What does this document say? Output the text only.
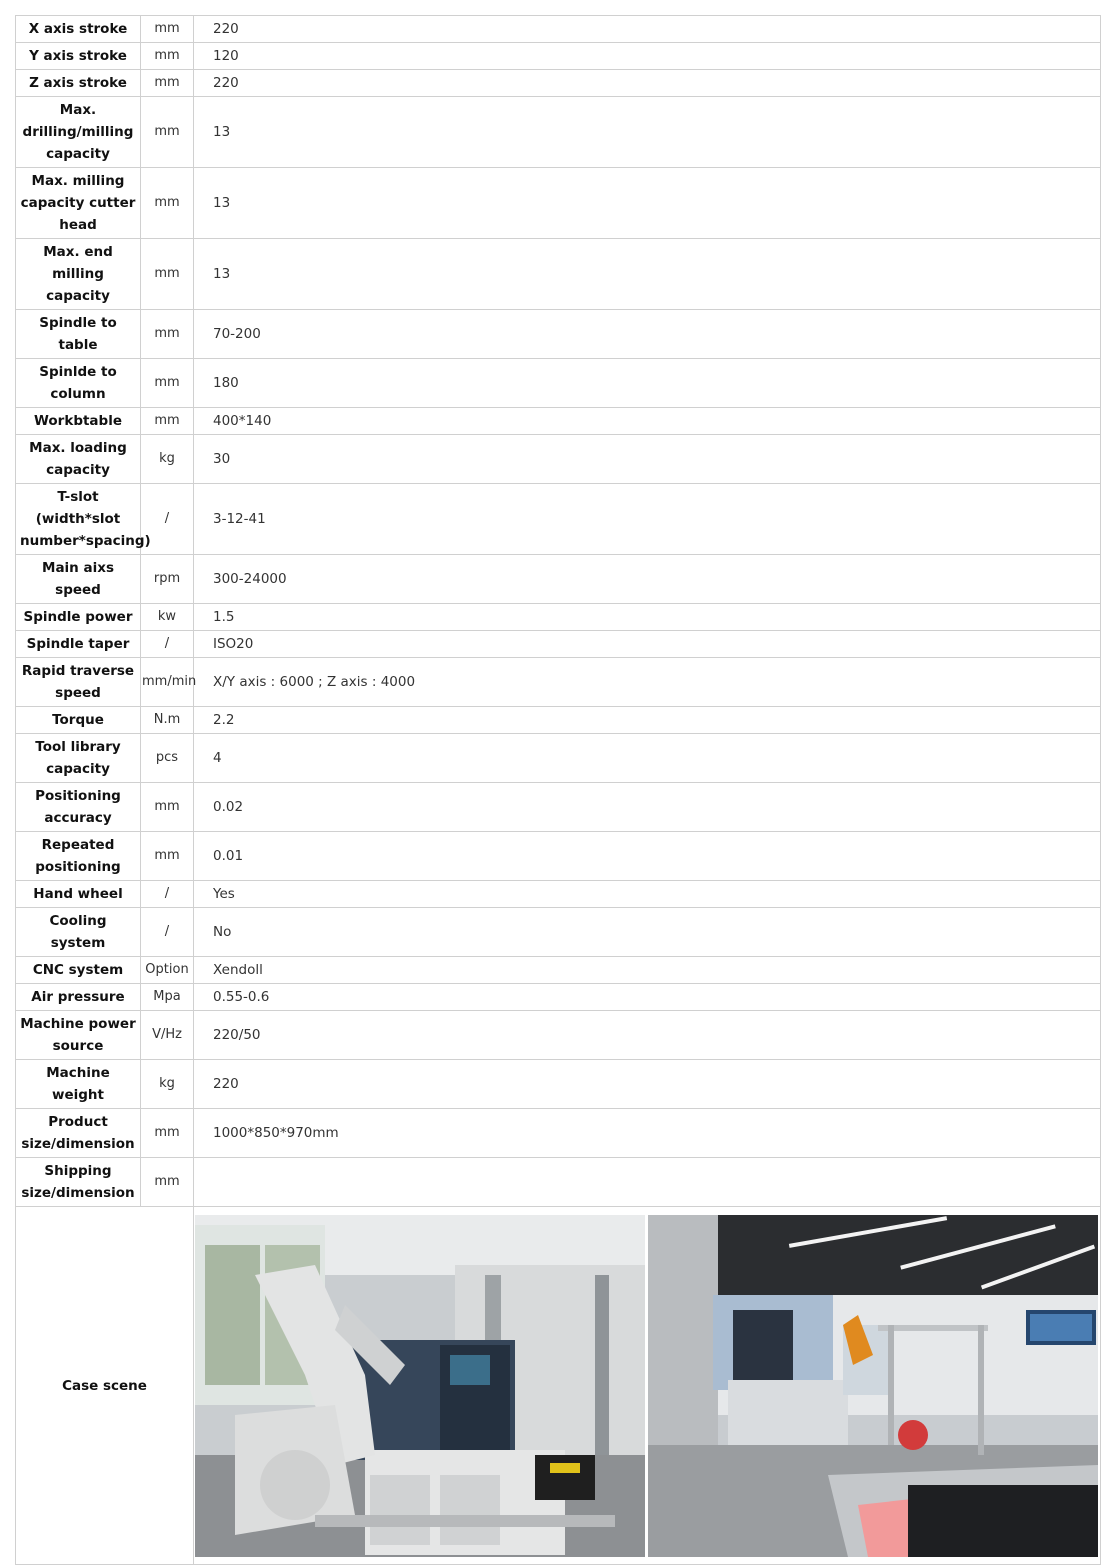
X axis stroke	mm	220
Y axis stroke	mm	120
Z axis stroke	mm	220
Max. drilling/milling capacity	mm	13
Max. milling capacity cutter head	mm	13
Max. end milling capacity	mm	13
Spindle to table	mm	70-200
Spinlde to column	mm	180
Workbtable	mm	400*140
Max. loading capacity	kg	30
T-slot (width*slot number*spacing)	/	3-12-41
Main aixs speed	rpm	300-24000
Spindle power	kw	1.5
Spindle taper	/	ISO20
Rapid traverse speed	mm/min	X/Y axis : 6000 ; Z axis : 4000
Torque	N.m	2.2
Tool library capacity	pcs	4
Positioning accuracy	mm	0.02
Repeated positioning	mm	0.01
Hand wheel	/	Yes
Cooling system	/	No
CNC system	Option	Xendoll
Air pressure	Mpa	0.55-0.6
Machine power source	V/Hz	220/50
Machine weight	kg	220
Product size/dimension	mm	1000*850*970mm
Shipping size/dimension	mm	
Case scene	
